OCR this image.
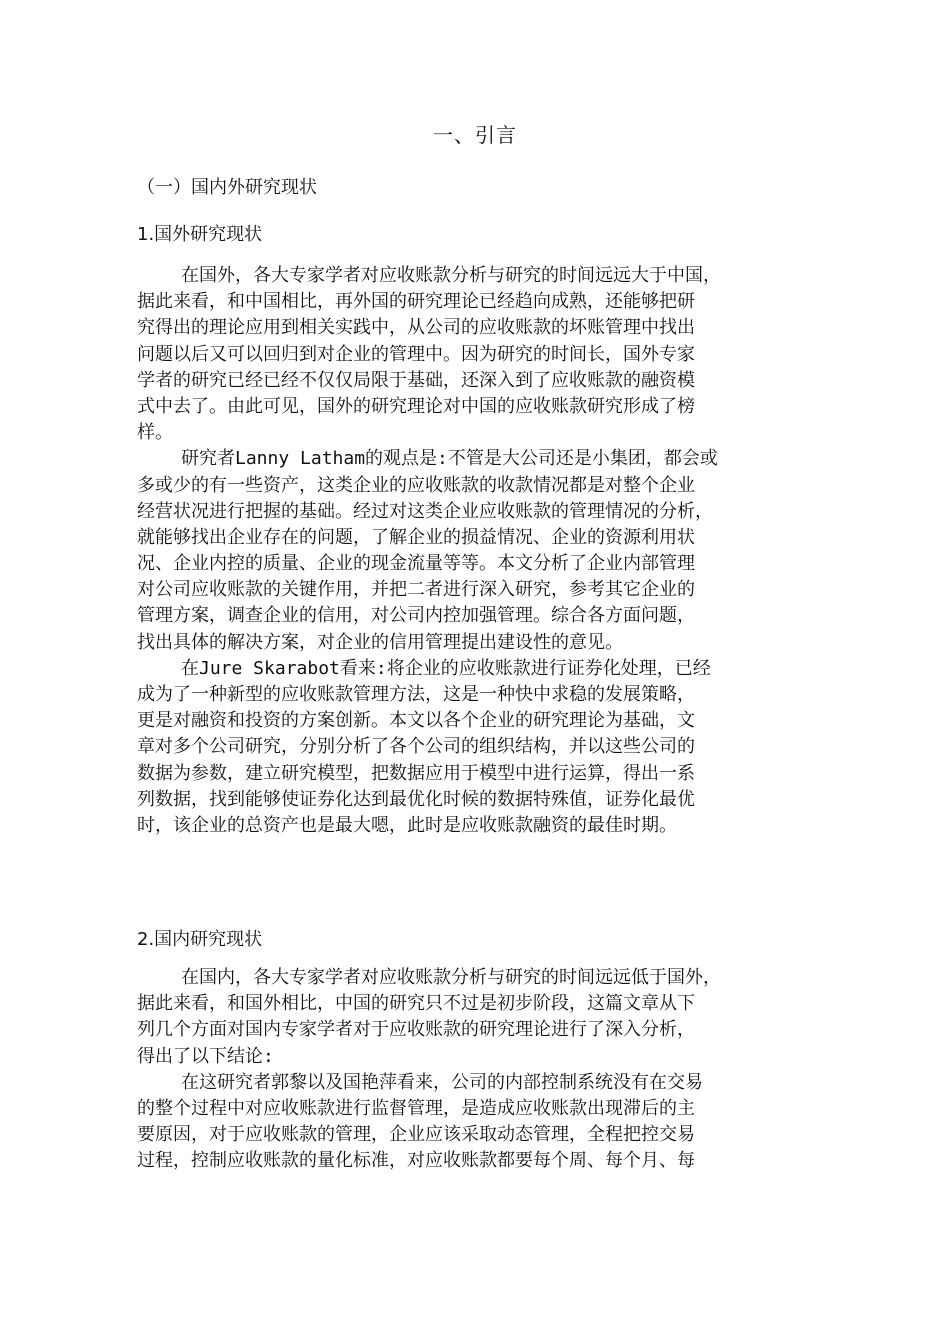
一、引言
（一）国内外研究现状
1.国外研究现状
在国外，各大专家学者对应收账款分析与研究的时间远远大于中国，
据此来看，和中国相比，再外国的研究理论已经趋向成熟，还能够把研
究得出的理论应用到相关实践中，从公司的应收账款的坏账管理中找出
问题以后又可以回归到对企业的管理中。因为研究的时间长，国外专家
学者的研究已经已经不仅仅局限于基础，还深入到了应收账款的融资模
式中去了。由此可见，国外的研究理论对中国的应收账款研究形成了榜
样。
研究者Lanny Latham的观点是:不管是大公司还是小集团，都会或
多或少的有一些资产，这类企业的应收账款的收款情况都是对整个企业
经营状况进行把握的基础。经过对这类企业应收账款的管理情况的分析，
就能够找出企业存在的问题，了解企业的损益情况、企业的资源利用状
况、企业内控的质量、企业的现金流量等等。本文分析了企业内部管理
对公司应收账款的关键作用，并把二者进行深入研究，参考其它企业的
管理方案，调查企业的信用，对公司内控加强管理。综合各方面问题，
找出具体的解决方案，对企业的信用管理提出建设性的意见。
在Jure Skarabot看来:将企业的应收账款进行证券化处理，已经
成为了一种新型的应收账款管理方法，这是一种快中求稳的发展策略，
更是对融资和投资的方案创新。本文以各个企业的研究理论为基础，文
章对多个公司研究，分别分析了各个公司的组织结构，并以这些公司的
数据为参数，建立研究模型，把数据应用于模型中进行运算，得出一系
列数据，找到能够使证券化达到最优化时候的数据特殊值，证券化最优
时，该企业的总资产也是最大嗯，此时是应收账款融资的最佳时期。
2.国内研究现状
在国内，各大专家学者对应收账款分析与研究的时间远远低于国外，
据此来看，和国外相比，中国的研究只不过是初步阶段，这篇文章从下
列几个方面对国内专家学者对于应收账款的研究理论进行了深入分析，
得出了以下结论:
在这研究者郭黎以及国艳萍看来，公司的内部控制系统没有在交易
的整个过程中对应收账款进行监督管理，是造成应收账款出现滞后的主
要原因，对于应收账款的管理，企业应该采取动态管理，全程把控交易
过程，控制应收账款的量化标准，对应收账款都要每个周、每个月、每
